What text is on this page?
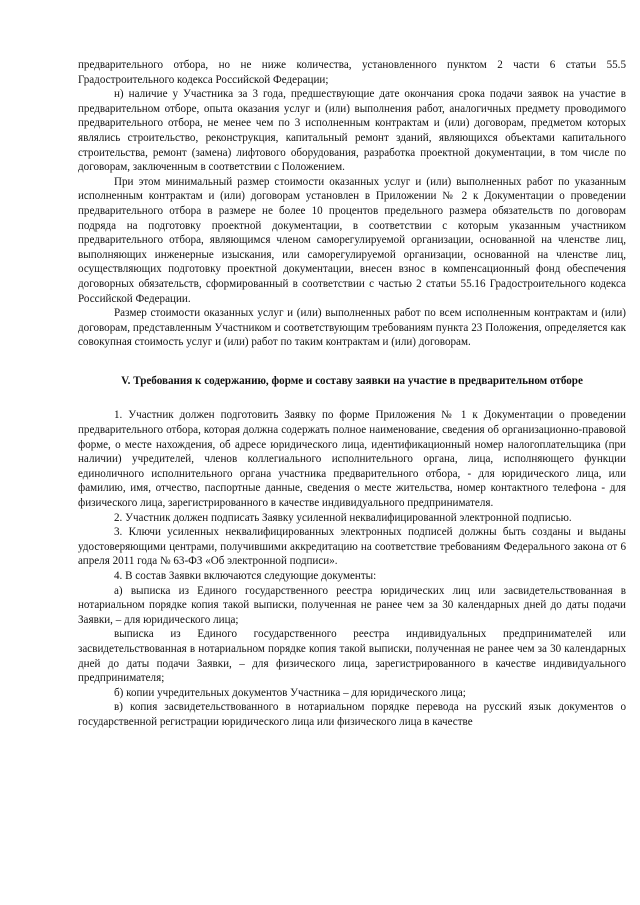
предварительного отбора, но не ниже количества, установленного пунктом 2 части 6 статьи 55.5 Градостроительного кодекса Российской Федерации;

н) наличие у Участника за 3 года, предшествующие дате окончания срока подачи заявок на участие в предварительном отборе, опыта оказания услуг и (или) выполнения работ, аналогичных предмету проводимого предварительного отбора, не менее чем по 3 исполненным контрактам и (или) договорам, предметом которых являлись строительство, реконструкция, капитальный ремонт зданий, являющихся объектами капитального строительства, ремонт (замена) лифтового оборудования, разработка проектной документации, в том числе по договорам, заключенным в соответствии с Положением.

При этом минимальный размер стоимости оказанных услуг и (или) выполненных работ по указанным исполненным контрактам и (или) договорам установлен в Приложении № 2 к Документации о проведении предварительного отбора в размере не более 10 процентов предельного размера обязательств по договорам подряда на подготовку проектной документации, в соответствии с которым указанным участником предварительного отбора, являющимся членом саморегулируемой организации, основанной на членстве лиц, выполняющих инженерные изыскания, или саморегулируемой организации, основанной на членстве лиц, осуществляющих подготовку проектной документации, внесен взнос в компенсационный фонд обеспечения договорных обязательств, сформированный в соответствии с частью 2 статьи 55.16 Градостроительного кодекса Российской Федерации.

Размер стоимости оказанных услуг и (или) выполненных работ по всем исполненным контрактам и (или) договорам, представленным Участником и соответствующим требованиям пункта 23 Положения, определяется как совокупная стоимость услуг и (или) работ по таким контрактам и (или) договорам.

V. Требования к содержанию, форме и составу заявки на участие в предварительном отборе

1. Участник должен подготовить Заявку по форме Приложения № 1 к Документации о проведении предварительного отбора, которая должна содержать полное наименование, сведения об организационно-правовой форме, о месте нахождения, об адресе юридического лица, идентификационный номер налогоплательщика (при наличии) учредителей, членов коллегиального исполнительного органа, лица, исполняющего функции единоличного исполнительного органа участника предварительного отбора, - для юридического лица, или фамилию, имя, отчество, паспортные данные, сведения о месте жительства, номер контактного телефона - для физического лица, зарегистрированного в качестве индивидуального предпринимателя.

2. Участник должен подписать Заявку усиленной неквалифицированной электронной подписью.

3. Ключи усиленных неквалифицированных электронных подписей должны быть созданы и выданы удостоверяющими центрами, получившими аккредитацию на соответствие требованиям Федерального закона от 6 апреля 2011 года № 63-ФЗ «Об электронной подписи».

4. В состав Заявки включаются следующие документы:

а) выписка из Единого государственного реестра юридических лиц или засвидетельствованная в нотариальном порядке копия такой выписки, полученная не ранее чем за 30 календарных дней до даты подачи Заявки, – для юридического лица;

выписка из Единого государственного реестра индивидуальных предпринимателей или засвидетельствованная в нотариальном порядке копия такой выписки, полученная не ранее чем за 30 календарных дней до даты подачи Заявки, – для физического лица, зарегистрированного в качестве индивидуального предпринимателя;

б) копии учредительных документов Участника – для юридического лица;

в) копия засвидетельствованного в нотариальном порядке перевода на русский язык документов о государственной регистрации юридического лица или физического лица в качестве
